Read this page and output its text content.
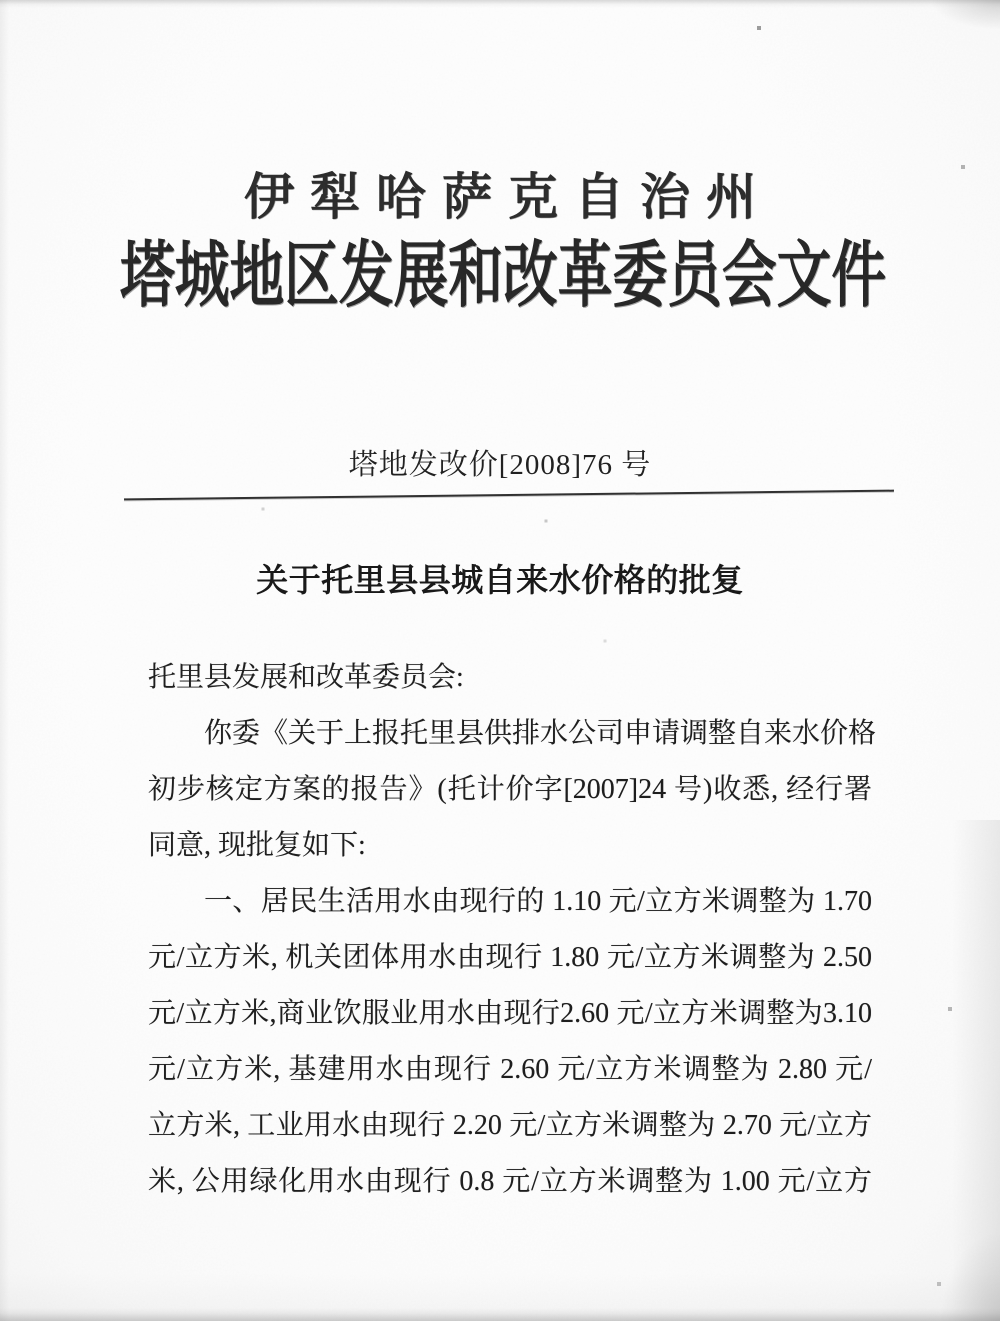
伊犁哈萨克自治州
塔城地区发展和改革委员会文件
塔地发改价[2008]76 号
关于托里县县城自来水价格的批复
托里县发展和改革委员会:
你委《关于上报托里县供排水公司申请调整自来水价格
初步核定方案的报告》(托计价字[2007]24 号)收悉, 经行署
同意, 现批复如下:
一、居民生活用水由现行的 1.10 元/立方米调整为 1.70
元/立方米, 机关团体用水由现行 1.80 元/立方米调整为 2.50
元/立方米,商业饮服业用水由现行2.60 元/立方米调整为3.10
元/立方米, 基建用水由现行 2.60 元/立方米调整为 2.80 元/
立方米, 工业用水由现行 2.20 元/立方米调整为 2.70 元/立方
米, 公用绿化用水由现行 0.8 元/立方米调整为 1.00 元/立方
